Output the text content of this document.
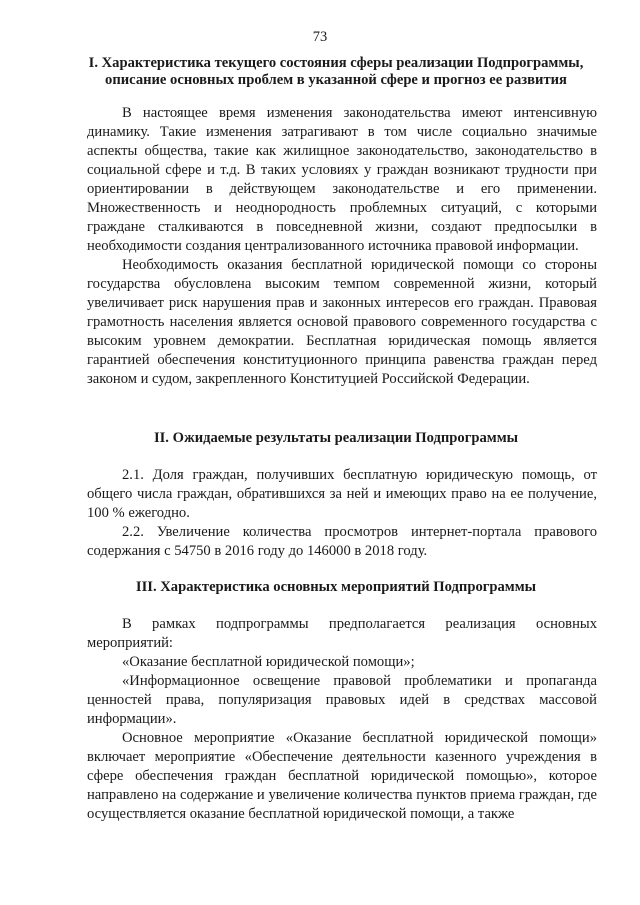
73
I. Характеристика текущего состояния сферы реализации Подпрограммы,
описание основных проблем в указанной сфере и прогноз ее развития

В настоящее время изменения законодательства имеют интенсивную динамику. Такие изменения затрагивают в том числе социально значимые аспекты общества, такие как жилищное законодательство, законодательство в социальной сфере и т.д. В таких условиях у граждан возникают трудности при ориентировании в действующем законодательстве и его применении. Множественность и неоднородность проблемных ситуаций, с которыми граждане сталкиваются в повседневной жизни, создают предпосылки в необходимости создания централизованного источника правовой информации.

Необходимость оказания бесплатной юридической помощи со стороны государства обусловлена высоким темпом современной жизни, который увеличивает риск нарушения прав и законных интересов его граждан. Правовая грамотность населения является основой правового современного государства с высоким уровнем демократии. Бесплатная юридическая помощь является гарантией обеспечения конституционного принципа равенства граждан перед законом и судом, закрепленного Конституцией Российской Федерации.

II. Ожидаемые результаты реализации Подпрограммы

2.1. Доля граждан, получивших бесплатную юридическую помощь, от общего числа граждан, обратившихся за ней и имеющих право на ее получение, 100 % ежегодно.

2.2. Увеличение количества просмотров интернет-портала правового содержания с 54750 в 2016 году до 146000 в 2018 году.

III. Характеристика основных мероприятий Подпрограммы

В рамках подпрограммы предполагается реализация основных мероприятий:

«Оказание бесплатной юридической помощи»;

«Информационное освещение правовой проблематики и пропаганда ценностей права, популяризация правовых идей в средствах массовой информации».

Основное мероприятие «Оказание бесплатной юридической помощи» включает мероприятие «Обеспечение деятельности казенного учреждения в сфере обеспечения граждан бесплатной юридической помощью», которое направлено на содержание и увеличение количества пунктов приема граждан, где осуществляется оказание бесплатной юридической помощи, а также
